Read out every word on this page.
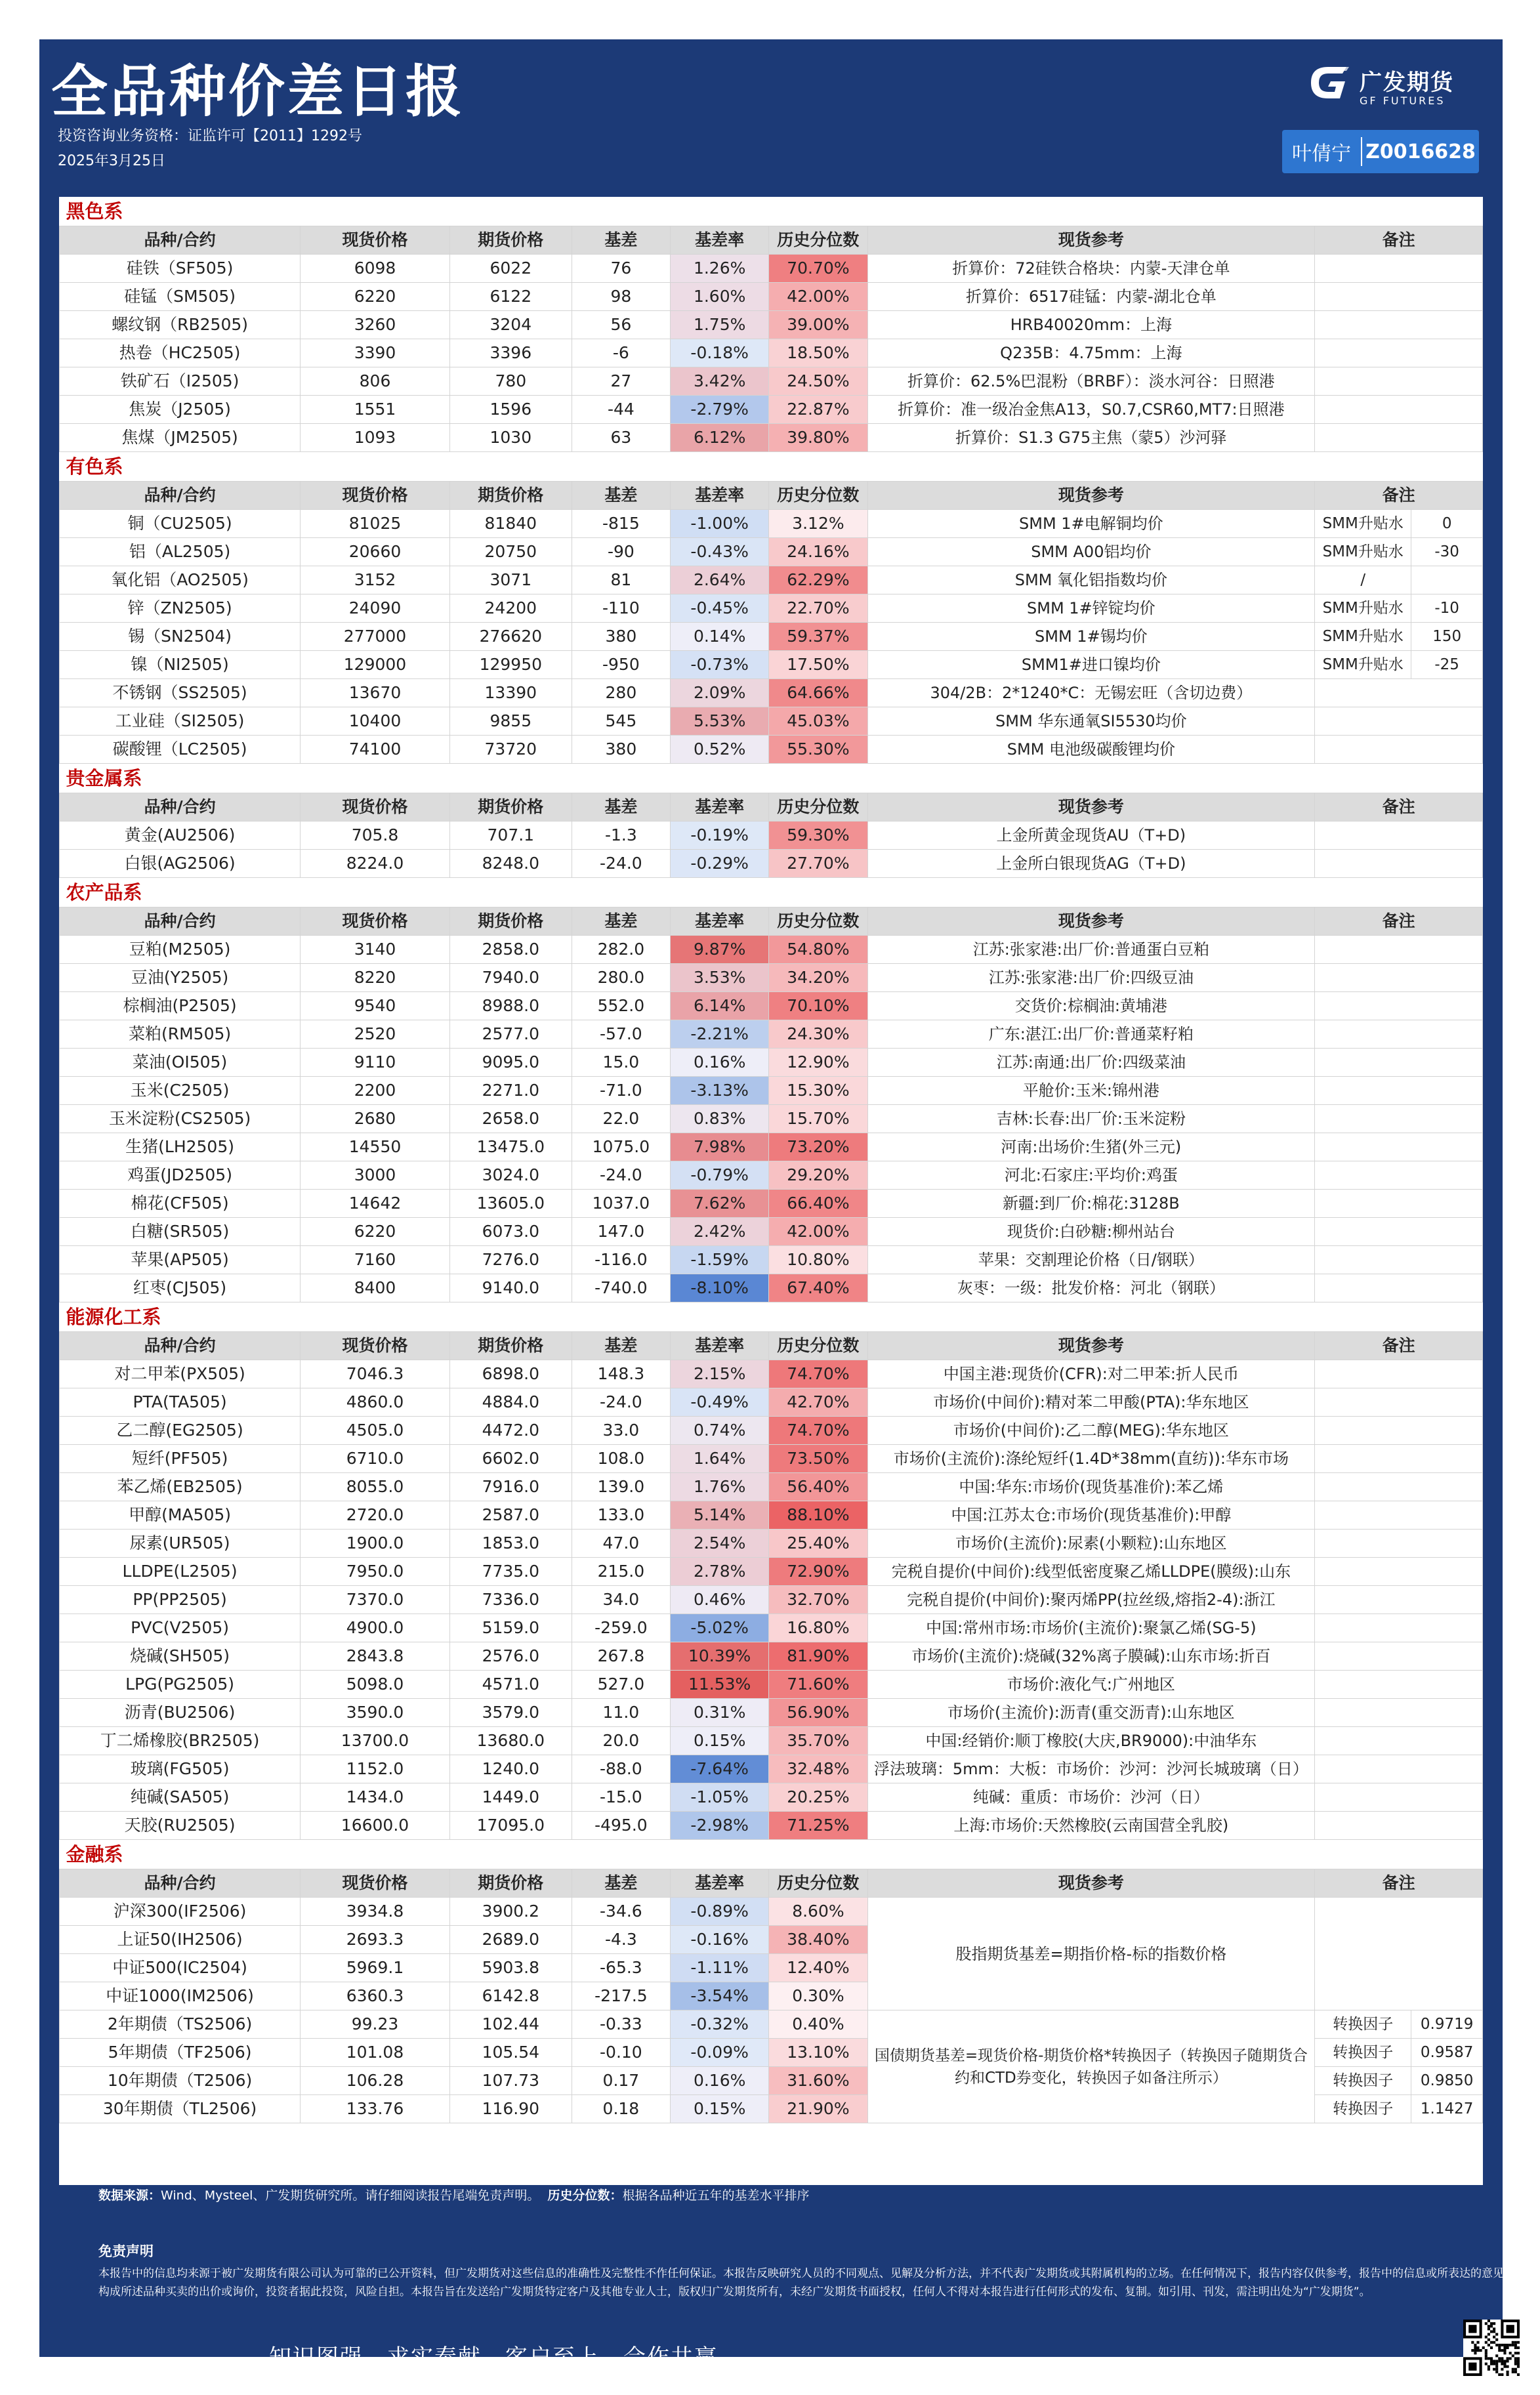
全品种价差日报
投资咨询业务资格：证监许可【2011】1292号
2025年3月25日
广发期货
GF FUTURES
叶倩宁 Z0016628
黑色系								
品种/合约	现货价格	期货价格	基差	基差率	历史分位数	现货参考	备注	
硅铁（SF505)	6098	6022	76	1.26%	70.70%	折算价：72硅铁合格块：内蒙-天津仓单		
硅锰（SM505)	6220	6122	98	1.60%	42.00%	折算价：6517硅锰：内蒙-湖北仓单		
螺纹钢（RB2505)	3260	3204	56	1.75%	39.00%	HRB40020mm：上海		
热卷（HC2505)	3390	3396	-6	-0.18%	18.50%	Q235B：4.75mm：上海		
铁矿石（I2505)	806	780	27	3.42%	24.50%	折算价：62.5%巴混粉（BRBF）：淡水河谷：日照港		
焦炭（J2505)	1551	1596	-44	-2.79%	22.87%	折算价：准一级冶金焦A13，S0.7,CSR60,MT7:日照港		
焦煤（JM2505)	1093	1030	63	6.12%	39.80%	折算价：S1.3 G75主焦（蒙5）沙河驿		
有色系								
品种/合约	现货价格	期货价格	基差	基差率	历史分位数	现货参考	备注	
铜（CU2505)	81025	81840	-815	-1.00%	3.12%	SMM 1#电解铜均价	SMM升贴水	0
铝（AL2505)	20660	20750	-90	-0.43%	24.16%	SMM A00铝均价	SMM升贴水	-30
氧化铝（AO2505)	3152	3071	81	2.64%	62.29%	SMM 氧化铝指数均价	/	
锌（ZN2505)	24090	24200	-110	-0.45%	22.70%	SMM 1#锌锭均价	SMM升贴水	-10
锡（SN2504)	277000	276620	380	0.14%	59.37%	SMM 1#锡均价	SMM升贴水	150
镍（NI2505)	129000	129950	-950	-0.73%	17.50%	SMM1#进口镍均价	SMM升贴水	-25
不锈钢（SS2505)	13670	13390	280	2.09%	64.66%	304/2B：2*1240*C：无锡宏旺（含切边费）		
工业硅（SI2505)	10400	9855	545	5.53%	45.03%	SMM 华东通氧SI5530均价		
碳酸锂（LC2505)	74100	73720	380	0.52%	55.30%	SMM 电池级碳酸锂均价		
贵金属系								
品种/合约	现货价格	期货价格	基差	基差率	历史分位数	现货参考	备注	
黄金(AU2506)	705.8	707.1	-1.3	-0.19%	59.30%	上金所黄金现货AU（T+D)		
白银(AG2506)	8224.0	8248.0	-24.0	-0.29%	27.70%	上金所白银现货AG（T+D)		
农产品系								
品种/合约	现货价格	期货价格	基差	基差率	历史分位数	现货参考	备注	
豆粕(M2505)	3140	2858.0	282.0	9.87%	54.80%	江苏:张家港:出厂价:普通蛋白豆粕		
豆油(Y2505)	8220	7940.0	280.0	3.53%	34.20%	江苏:张家港:出厂价:四级豆油		
棕榈油(P2505)	9540	8988.0	552.0	6.14%	70.10%	交货价:棕榈油:黄埔港		
菜粕(RM505)	2520	2577.0	-57.0	-2.21%	24.30%	广东:湛江:出厂价:普通菜籽粕		
菜油(OI505)	9110	9095.0	15.0	0.16%	12.90%	江苏:南通:出厂价:四级菜油		
玉米(C2505)	2200	2271.0	-71.0	-3.13%	15.30%	平舱价:玉米:锦州港		
玉米淀粉(CS2505)	2680	2658.0	22.0	0.83%	15.70%	吉林:长春:出厂价:玉米淀粉		
生猪(LH2505)	14550	13475.0	1075.0	7.98%	73.20%	河南:出场价:生猪(外三元)		
鸡蛋(JD2505)	3000	3024.0	-24.0	-0.79%	29.20%	河北:石家庄:平均价:鸡蛋		
棉花(CF505)	14642	13605.0	1037.0	7.62%	66.40%	新疆:到厂价:棉花:3128B		
白糖(SR505)	6220	6073.0	147.0	2.42%	42.00%	现货价:白砂糖:柳州站台		
苹果(AP505)	7160	7276.0	-116.0	-1.59%	10.80%	苹果：交割理论价格（日/钢联）		
红枣(CJ505)	8400	9140.0	-740.0	-8.10%	67.40%	灰枣：一级：批发价格：河北（钢联）		
能源化工系								
品种/合约	现货价格	期货价格	基差	基差率	历史分位数	现货参考	备注	
对二甲苯(PX505)	7046.3	6898.0	148.3	2.15%	74.70%	中国主港:现货价(CFR):对二甲苯:折人民币		
PTA(TA505)	4860.0	4884.0	-24.0	-0.49%	42.70%	市场价(中间价):精对苯二甲酸(PTA):华东地区		
乙二醇(EG2505)	4505.0	4472.0	33.0	0.74%	74.70%	市场价(中间价):乙二醇(MEG):华东地区		
短纤(PF505)	6710.0	6602.0	108.0	1.64%	73.50%	市场价(主流价):涤纶短纤(1.4D*38mm(直纺)):华东市场		
苯乙烯(EB2505)	8055.0	7916.0	139.0	1.76%	56.40%	中国:华东:市场价(现货基准价):苯乙烯		
甲醇(MA505)	2720.0	2587.0	133.0	5.14%	88.10%	中国:江苏太仓:市场价(现货基准价):甲醇		
尿素(UR505)	1900.0	1853.0	47.0	2.54%	25.40%	市场价(主流价):尿素(小颗粒):山东地区		
LLDPE(L2505)	7950.0	7735.0	215.0	2.78%	72.90%	完税自提价(中间价):线型低密度聚乙烯LLDPE(膜级):山东		
PP(PP2505)	7370.0	7336.0	34.0	0.46%	32.70%	完税自提价(中间价):聚丙烯PP(拉丝级,熔指2-4):浙江		
PVC(V2505)	4900.0	5159.0	-259.0	-5.02%	16.80%	中国:常州市场:市场价(主流价):聚氯乙烯(SG-5)		
烧碱(SH505)	2843.8	2576.0	267.8	10.39%	81.90%	市场价(主流价):烧碱(32%离子膜碱):山东市场:折百		
LPG(PG2505)	5098.0	4571.0	527.0	11.53%	71.60%	市场价:液化气:广州地区		
沥青(BU2506)	3590.0	3579.0	11.0	0.31%	56.90%	市场价(主流价):沥青(重交沥青):山东地区		
丁二烯橡胶(BR2505)	13700.0	13680.0	20.0	0.15%	35.70%	中国:经销价:顺丁橡胶(大庆,BR9000):中油华东		
玻璃(FG505)	1152.0	1240.0	-88.0	-7.64%	32.48%	浮法玻璃：5mm：大板：市场价：沙河：沙河长城玻璃（日）		
纯碱(SA505)	1434.0	1449.0	-15.0	-1.05%	20.25%	纯碱：重质：市场价：沙河（日）		
天胶(RU2505)	16600.0	17095.0	-495.0	-2.98%	71.25%	上海:市场价:天然橡胶(云南国营全乳胶)		
金融系								
品种/合约	现货价格	期货价格	基差	基差率	历史分位数	现货参考	备注	
沪深300(IF2506)	3934.8	3900.2	-34.6	-0.89%	8.60%	股指期货基差=期指价格-标的指数价格		
上证50(IH2506)	2693.3	2689.0	-4.3	-0.16%	38.40%			
中证500(IC2504)	5969.1	5903.8	-65.3	-1.11%	12.40%			
中证1000(IM2506)	6360.3	6142.8	-217.5	-3.54%	0.30%			
2年期债（TS2506)	99.23	102.44	-0.33	-0.32%	0.40%	国债期货基差=现货价格-期货价格*转换因子（转换因子随期货合约和CTD券变化，转换因子如备注所示）	转换因子	0.9719
5年期债（TF2506)	101.08	105.54	-0.10	-0.09%	13.10%		转换因子	0.9587
10年期债（T2506)	106.28	107.73	0.17	0.16%	31.60%		转换因子	0.9850
30年期债（TL2506)	133.76	116.90	0.18	0.15%	21.90%		转换因子	1.1427
数据来源：Wind、Mysteel、广发期货研究所。请仔细阅读报告尾端免责声明。 历史分位数：根据各品种近五年的基差水平排序
免责声明
本报告中的信息均来源于被广发期货有限公司认为可靠的已公开资料，但广发期货对这些信息的准确性及完整性不作任何保证。本报告反映研究人员的不同观点、见解及分析方法，并不代表广发期货或其附属机构的立场。在任何情况下，报告内容仅供参考，报告中的信息或所表达的意见并不构成所述品种买卖的出价或询价，投资者据此投资，风险自担。本报告旨在发送给广发期货特定客户及其他专业人士，版权归广发期货所有，未经广发期货书面授权，任何人不得对本报告进行任何形式的发布、复制。如引用、刊发，需注明出处为“广发期货”。
知识图强，求实奉献，客户至上，合作共赢
关注微信公众号
